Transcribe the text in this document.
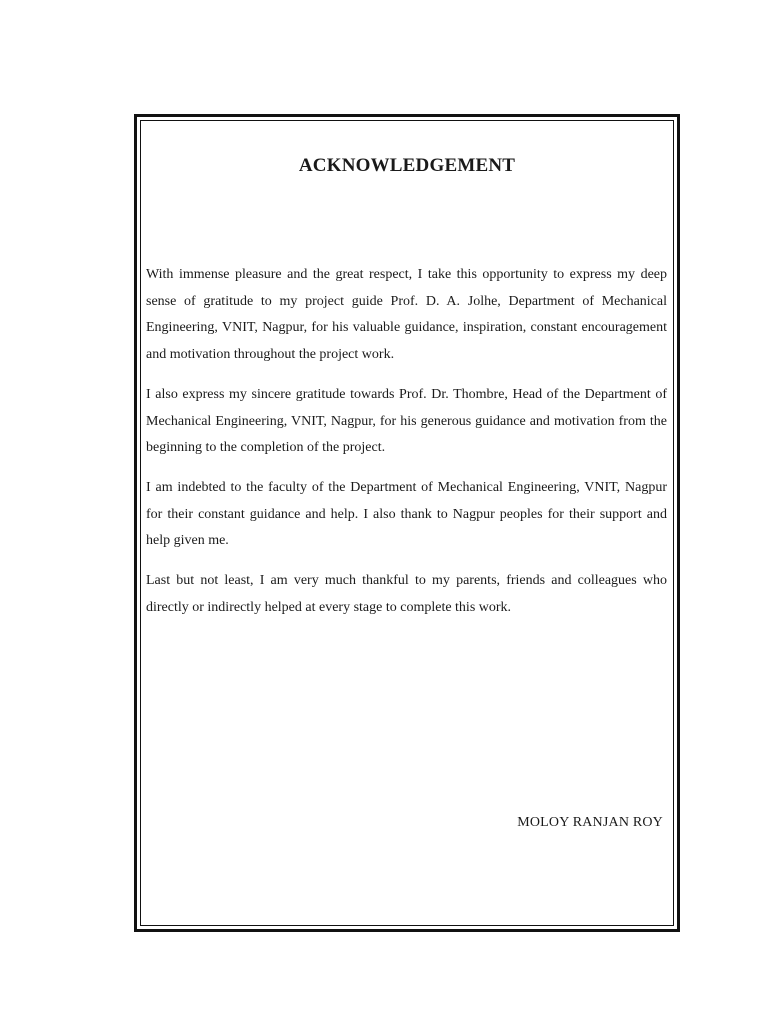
ACKNOWLEDGEMENT

With immense pleasure and the great respect, I take this opportunity to express my deep sense of gratitude to my project guide Prof. D. A. Jolhe, Department of Mechanical Engineering, VNIT, Nagpur, for his valuable guidance, inspiration, constant encouragement and motivation throughout the project work.

I also express my sincere gratitude towards Prof. Dr. Thombre, Head of the Department of Mechanical Engineering, VNIT, Nagpur, for his generous guidance and motivation from the beginning to the completion of the project.

I am indebted to the faculty of the Department of Mechanical Engineering, VNIT, Nagpur for their constant guidance and help. I also thank to Nagpur peoples for their support and help given me.

Last but not least, I am very much thankful to my parents, friends and colleagues who directly or indirectly helped at every stage to complete this work.

MOLOY RANJAN ROY
